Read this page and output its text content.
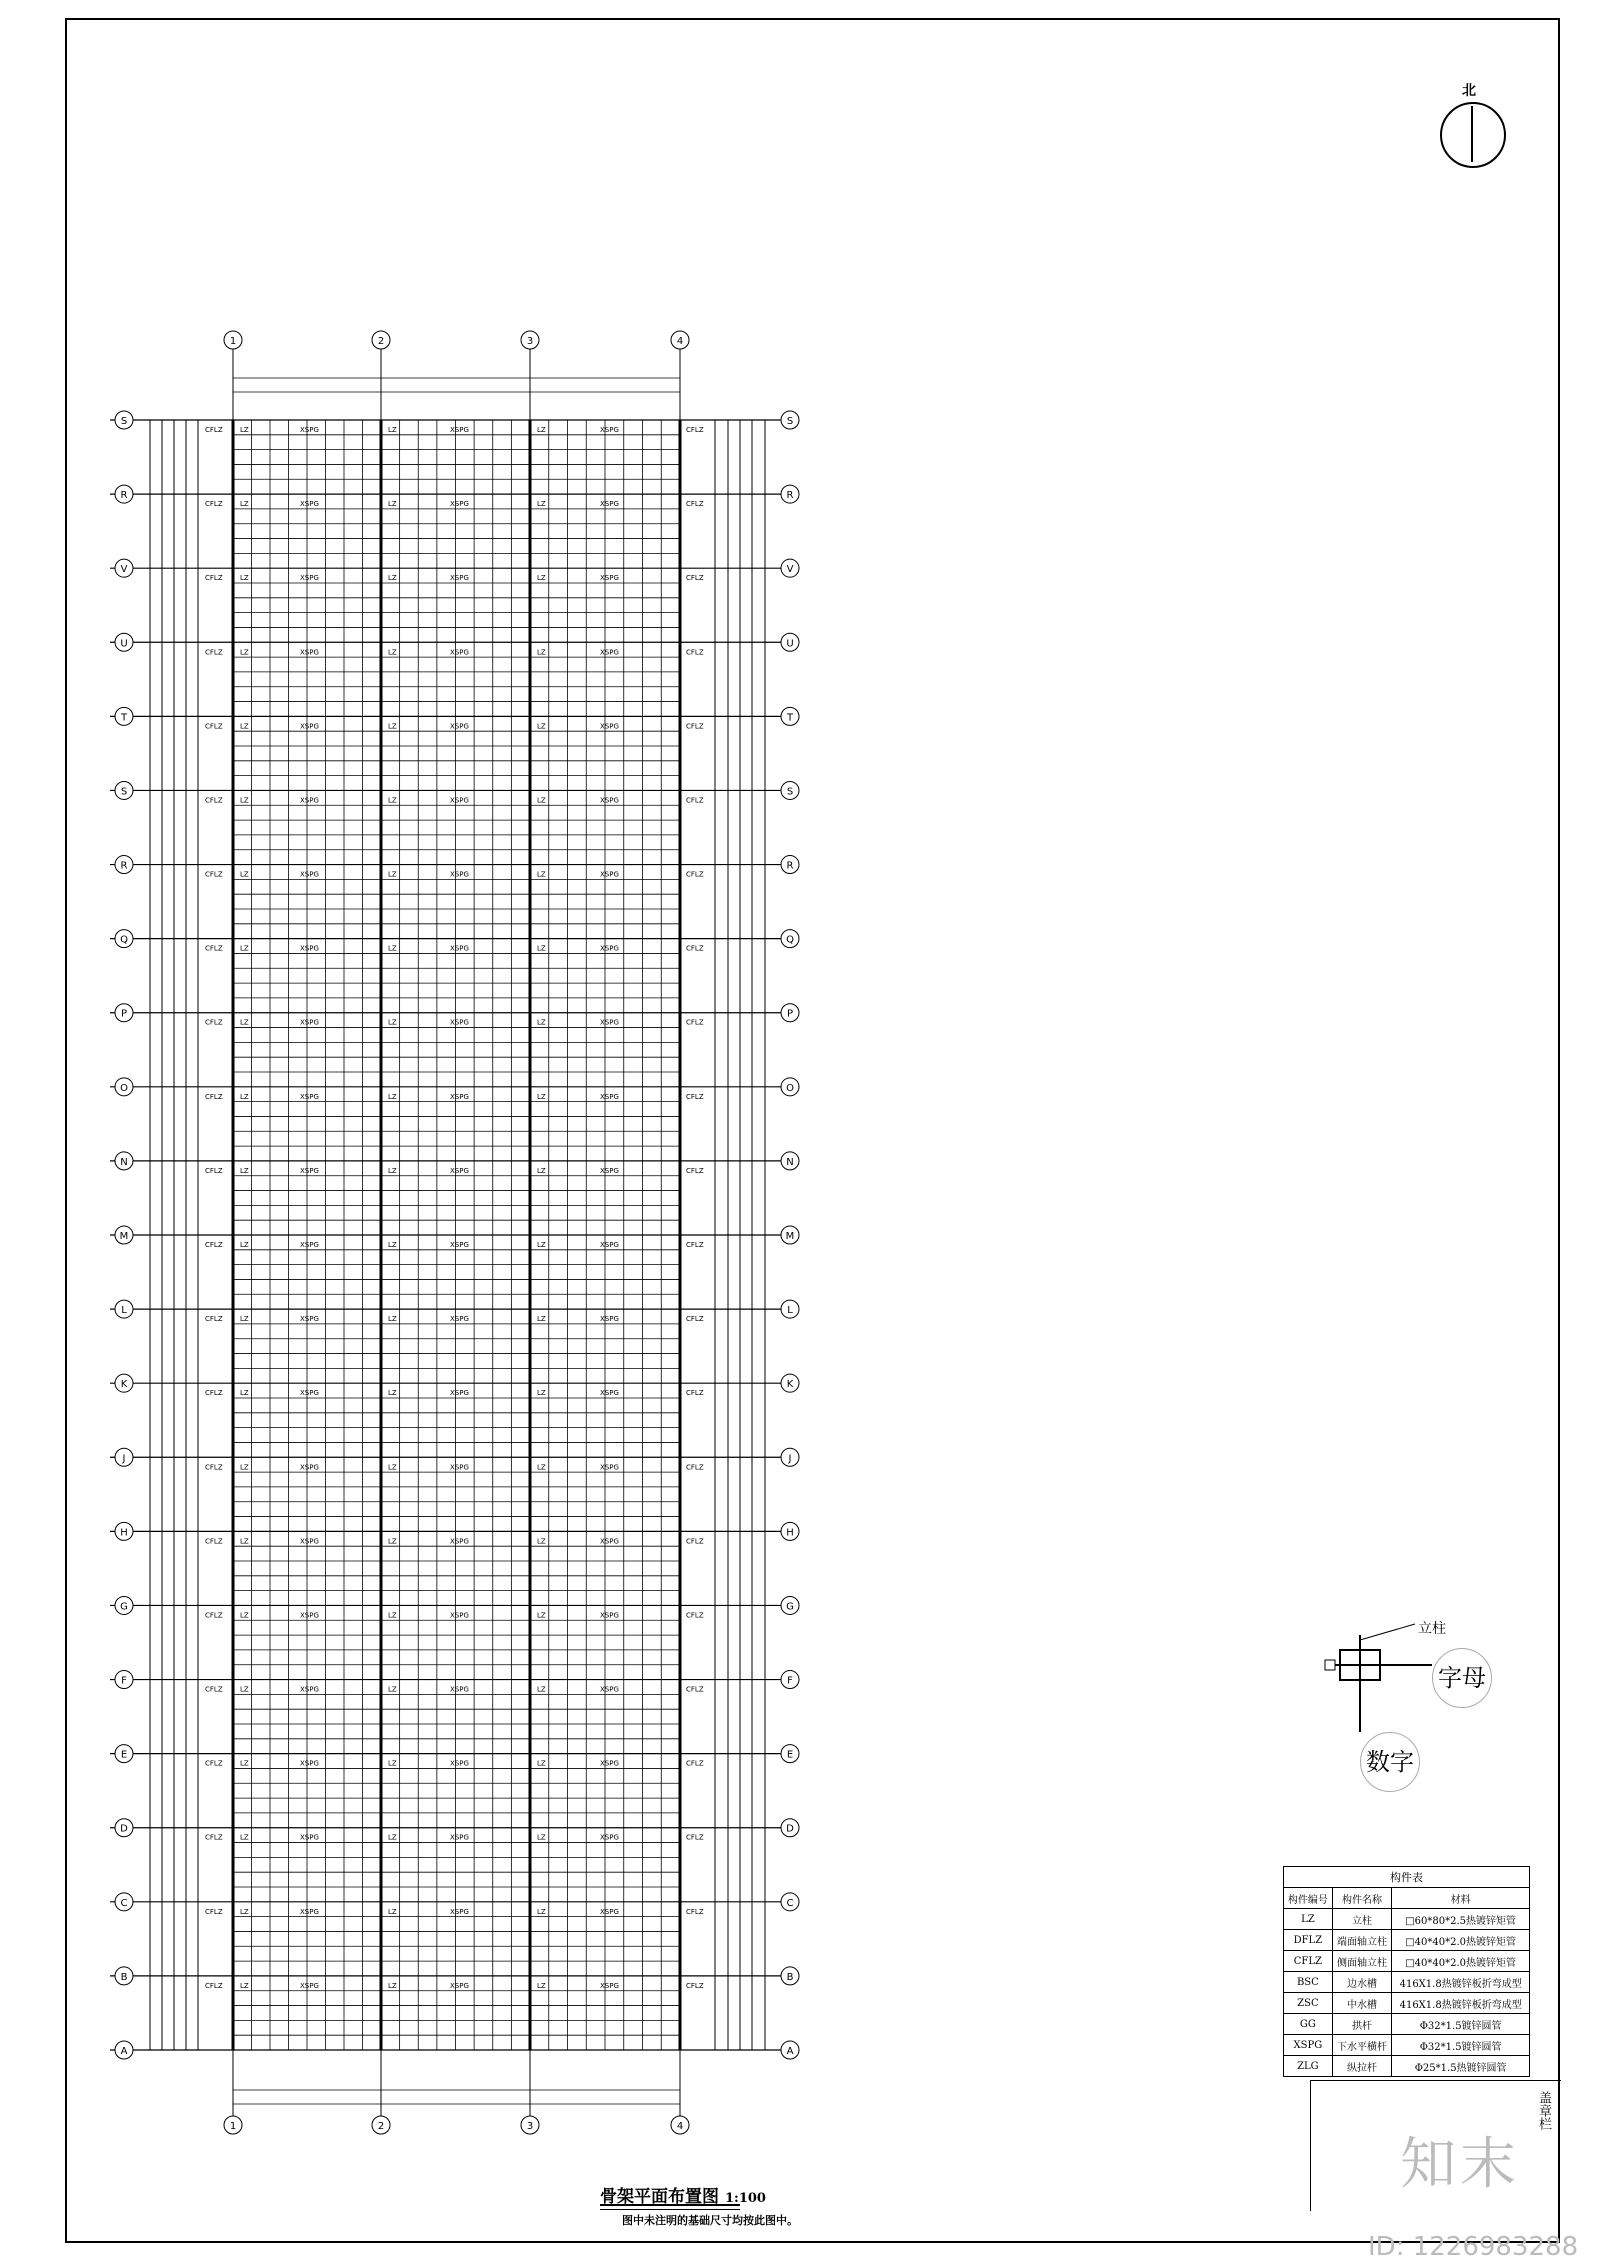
S	S
R	R
V	V
U	U
T	T
S	S
R	R
Q	Q
P	P
O	O
N	N
M	M
L	L
K	K
J	J
H	H
G	G
F	F
E	E
D	D
C	C
B	B
A	A
1
1
2
2
3
3
4
4
LZ	LZ	LZ	CFLZ
CFLZ	XSPG	XSPG	XSPG
LZ	LZ	LZ	CFLZ
CFLZ	XSPG	XSPG	XSPG
LZ	LZ	LZ	CFLZ
CFLZ	XSPG	XSPG	XSPG
LZ	LZ	LZ	CFLZ
CFLZ	XSPG	XSPG	XSPG
LZ	LZ	LZ	CFLZ
CFLZ	XSPG	XSPG	XSPG
LZ	LZ	LZ	CFLZ
CFLZ	XSPG	XSPG	XSPG
LZ	LZ	LZ	CFLZ
CFLZ	XSPG	XSPG	XSPG
LZ	LZ	LZ	CFLZ
CFLZ	XSPG	XSPG	XSPG
LZ	LZ	LZ	CFLZ
CFLZ	XSPG	XSPG	XSPG
LZ	LZ	LZ	CFLZ
CFLZ	XSPG	XSPG	XSPG
LZ	LZ	LZ	CFLZ
CFLZ	XSPG	XSPG	XSPG
LZ	LZ	LZ	CFLZ
CFLZ	XSPG	XSPG	XSPG
LZ	LZ	LZ	CFLZ
CFLZ	XSPG	XSPG	XSPG
LZ	LZ	LZ	CFLZ
CFLZ	XSPG	XSPG	XSPG
LZ	LZ	LZ	CFLZ
CFLZ	XSPG	XSPG	XSPG
LZ	LZ	LZ	CFLZ
CFLZ	XSPG	XSPG	XSPG
LZ	LZ	LZ	CFLZ
CFLZ	XSPG	XSPG	XSPG
LZ	LZ	LZ	CFLZ
CFLZ	XSPG	XSPG	XSPG
LZ	LZ	LZ	CFLZ
CFLZ	XSPG	XSPG	XSPG
LZ	LZ	LZ	CFLZ
CFLZ	XSPG	XSPG	XSPG
LZ	LZ	LZ	CFLZ
CFLZ	XSPG	XSPG	XSPG
LZ	LZ	LZ	CFLZ
CFLZ	XSPG	XSPG	XSPG
北
立柱
字母
数字
构件表		
构件编号	构件名称	材料
LZ	立柱	□60*80*2.5热镀锌矩管
DFLZ	端面轴立柱	□40*40*2.0热镀锌矩管
CFLZ	侧面轴立柱	□40*40*2.0热镀锌矩管
BSC	边水槽	416X1.8热镀锌板折弯成型
ZSC	中水槽	416X1.8热镀锌板折弯成型
GG	拱杆	Φ32*1.5镀锌圆管
XSPG	下水平横杆	Φ32*1.5镀锌圆管
ZLG	纵拉杆	Φ25*1.5热镀锌圆管
盖章栏
骨架平面布置图 1:100
图中未注明的基础尺寸均按此图中。
知末
ID: 1226983288
